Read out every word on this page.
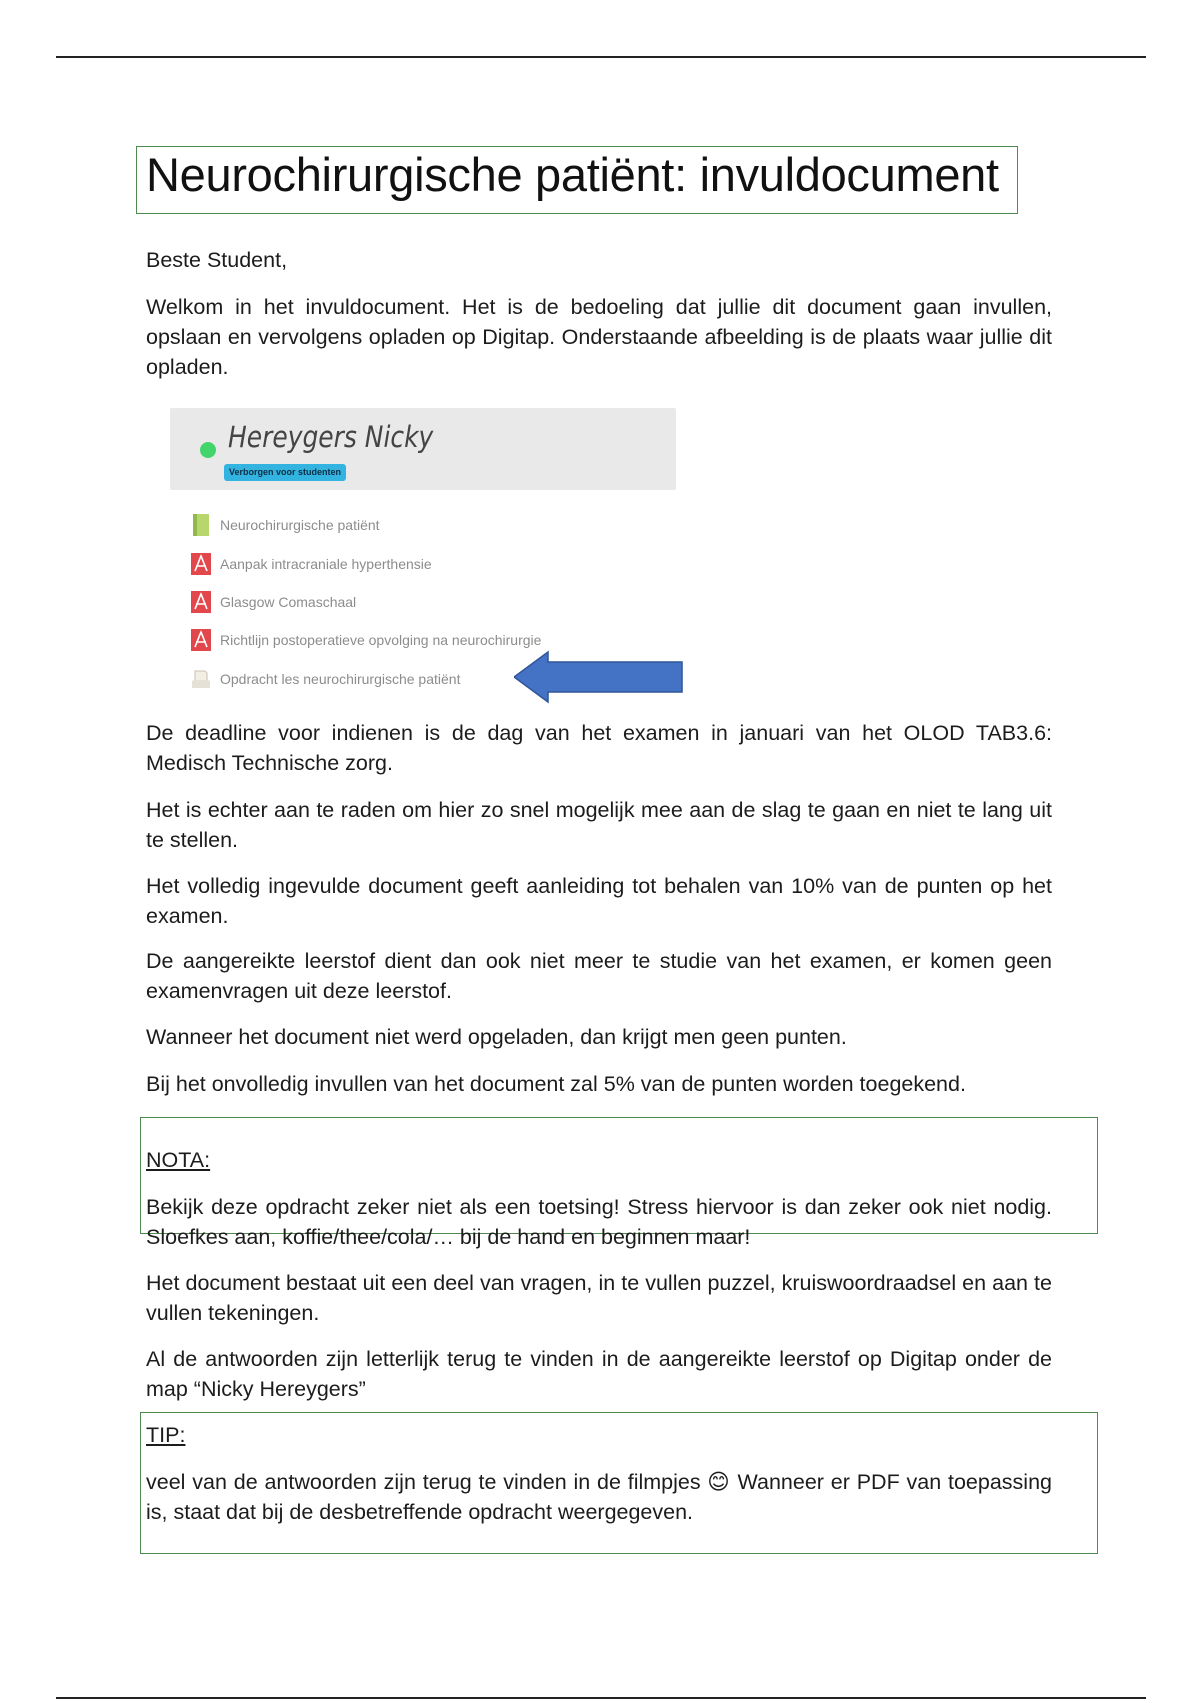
Neurochirurgische patiënt: invuldocument

Beste Student,

Welkom in het invuldocument. Het is de bedoeling dat jullie dit document gaan invullen, opslaan en vervolgens opladen op Digitap. Onderstaande afbeelding is de plaats waar jullie dit opladen.

Hereygers Nicky
Verborgen voor studenten
Neurochirurgische patiënt
Aanpak intracraniale hyperthensie
Glasgow Comaschaal
Richtlijn postoperatieve opvolging na neurochirurgie
Opdracht les neurochirurgische patiënt

De deadline voor indienen is de dag van het examen in januari van het OLOD TAB3.6: Medisch Technische zorg.

Het is echter aan te raden om hier zo snel mogelijk mee aan de slag te gaan en niet te lang uit te stellen.

Het volledig ingevulde document geeft aanleiding tot behalen van 10% van de punten op het examen.

De aangereikte leerstof dient dan ook niet meer te studie van het examen, er komen geen examenvragen uit deze leerstof.

Wanneer het document niet werd opgeladen, dan krijgt men geen punten.

Bij het onvolledig invullen van het document zal 5% van de punten worden toegekend.

NOTA:

Bekijk deze opdracht zeker niet als een toetsing! Stress hiervoor is dan zeker ook niet nodig. Sloefkes aan, koffie/thee/cola/… bij de hand en beginnen maar!

Het document bestaat uit een deel van vragen, in te vullen puzzel, kruiswoordraadsel en aan te vullen tekeningen.

Al de antwoorden zijn letterlijk terug te vinden in de aangereikte leerstof op Digitap onder de map “Nicky Hereygers”

TIP:

veel van de antwoorden zijn terug te vinden in de filmpjes 😊 Wanneer er PDF van toepassing is, staat dat bij de desbetreffende opdracht weergegeven.
